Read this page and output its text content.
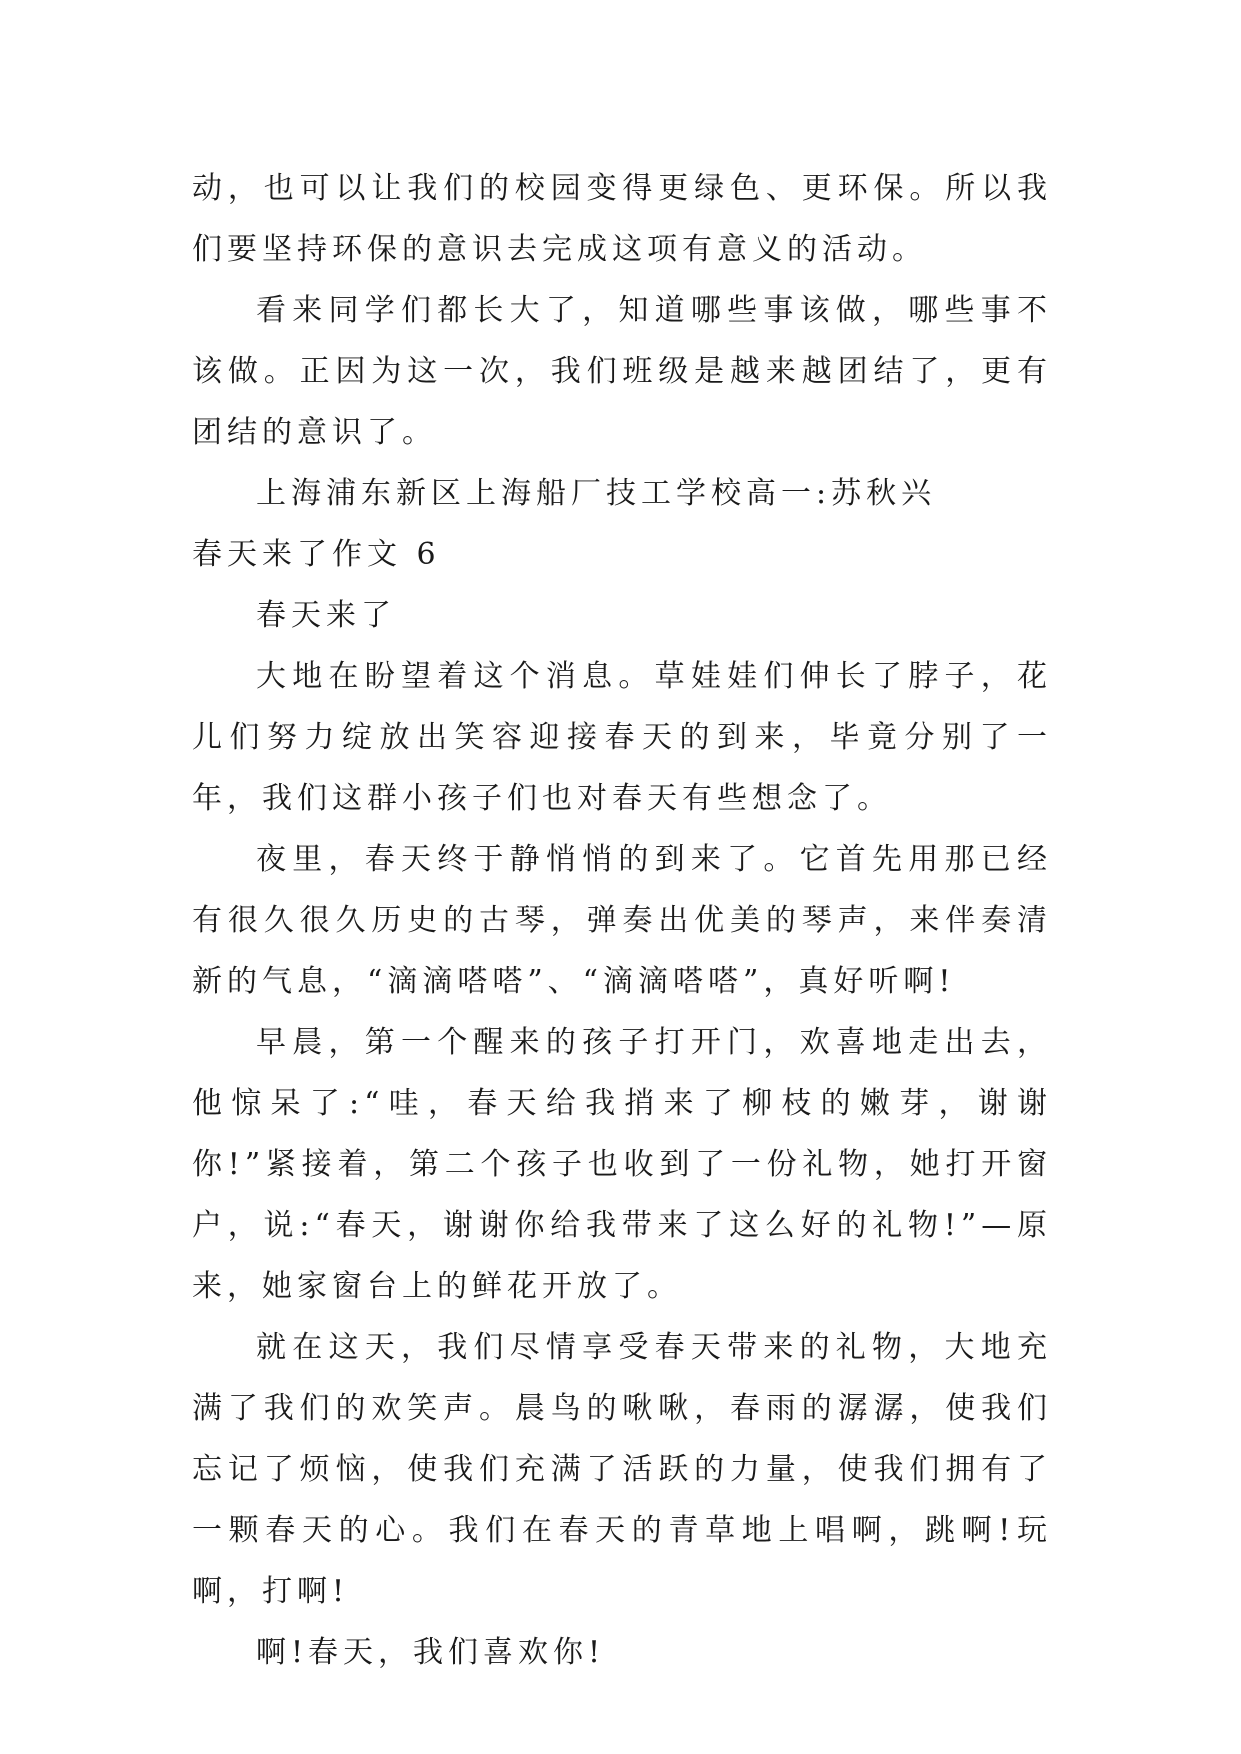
动，也可以让我们的校园变得更绿色、更环保。所以我们要坚持环保的意识去完成这项有意义的活动。

看来同学们都长大了，知道哪些事该做，哪些事不该做。正因为这一次，我们班级是越来越团结了，更有团结的意识了。

上海浦东新区上海船厂技工学校高一:苏秋兴

春天来了作文 6

春天来了

大地在盼望着这个消息。草娃娃们伸长了脖子，花儿们努力绽放出笑容迎接春天的到来，毕竟分别了一年，我们这群小孩子们也对春天有些想念了。

夜里，春天终于静悄悄的到来了。它首先用那已经有很久很久历史的古琴，弹奏出优美的琴声，来伴奏清新的气息，“滴滴嗒嗒”、“滴滴嗒嗒”，真好听啊!

早晨，第一个醒来的孩子打开门，欢喜地走出去，他惊呆了:“哇，春天给我捎来了柳枝的嫩芽，谢谢你!”紧接着，第二个孩子也收到了一份礼物，她打开窗户，说:“春天，谢谢你给我带来了这么好的礼物!”—原来，她家窗台上的鲜花开放了。

就在这天，我们尽情享受春天带来的礼物，大地充满了我们的欢笑声。晨鸟的啾啾，春雨的潺潺，使我们忘记了烦恼，使我们充满了活跃的力量，使我们拥有了一颗春天的心。我们在春天的青草地上唱啊，跳啊!玩啊，打啊!

啊!春天，我们喜欢你!
